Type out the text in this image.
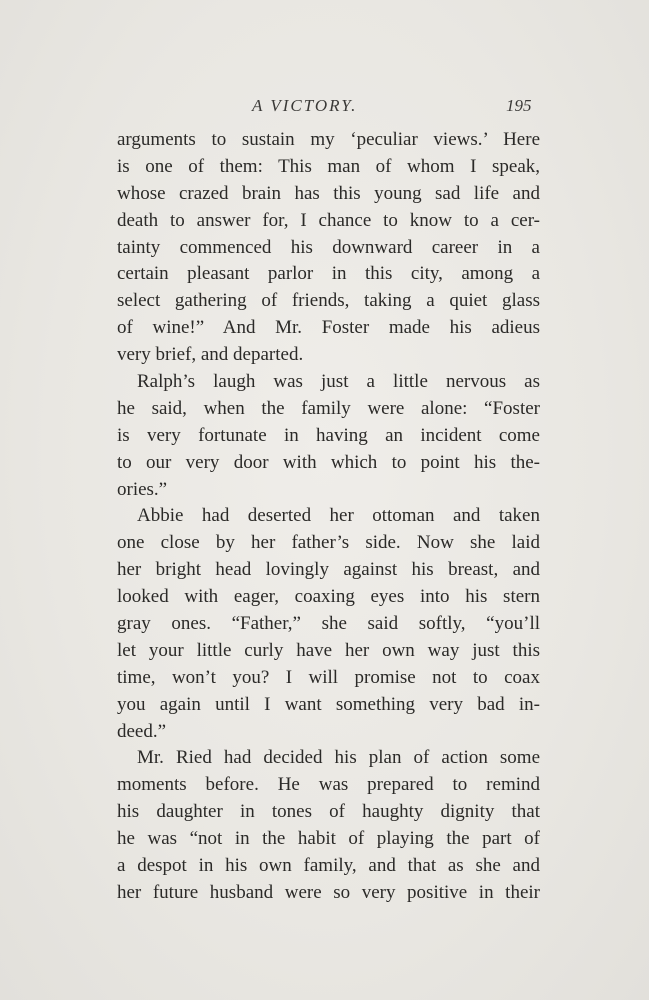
A VICTORY.	195
arguments to sustain my ‘peculiar views.’ Here
is one of them: This man of whom I speak,
whose crazed brain has this young sad life and
death to answer for, I chance to know to a cer-
tainty commenced his downward career in a
certain pleasant parlor in this city, among a
select gathering of friends, taking a quiet glass
of wine!” And Mr. Foster made his adieus
very brief, and departed.
Ralph’s laugh was just a little nervous as
he said, when the family were alone: “Foster
is very fortunate in having an incident come
to our very door with which to point his the-
ories.”
Abbie had deserted her ottoman and taken
one close by her father’s side. Now she laid
her bright head lovingly against his breast, and
looked with eager, coaxing eyes into his stern
gray ones. “Father,” she said softly, “you’ll
let your little curly have her own way just this
time, won’t you? I will promise not to coax
you again until I want something very bad in-
deed.”
Mr. Ried had decided his plan of action some
moments before. He was prepared to remind
his daughter in tones of haughty dignity that
he was “not in the habit of playing the part of
a despot in his own family, and that as she and
her future husband were so very positive in their
